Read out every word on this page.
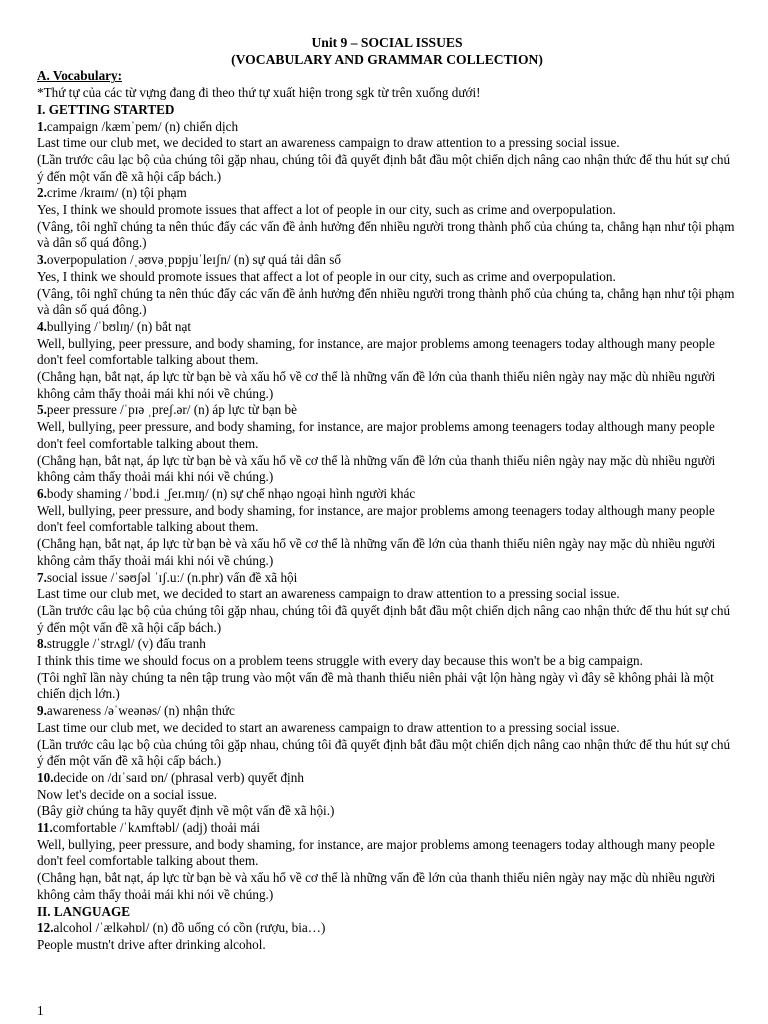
Unit 9 – SOCIAL ISSUES
(VOCABULARY AND GRAMMAR COLLECTION)
A. Vocabulary:
*Thứ tự của các từ vựng đang đi theo thứ tự xuất hiện trong sgk từ trên xuống dưới!
I. GETTING STARTED
1.campaign /kæmˈpem/ (n) chiến dịch
Last time our club met, we decided to start an awareness campaign to draw attention to a pressing social issue.
(Lần trước câu lạc bộ của chúng tôi gặp nhau, chúng tôi đã quyết định bắt đầu một chiến dịch nâng cao nhận thức để thu hút sự chú ý đến một vấn đề xã hội cấp bách.)
2.crime /kraɪm/ (n) tội phạm
Yes, I think we should promote issues that affect a lot of people in our city, such as crime and overpopulation.
(Vâng, tôi nghĩ chúng ta nên thúc đẩy các vấn đề ảnh hưởng đến nhiều người trong thành phố của chúng ta, chẳng hạn như tội phạm và dân số quá đông.)
3.overpopulation /ˌəʊvəˌpɒpjuˈleɪʃn/ (n) sự quá tải dân số
Yes, I think we should promote issues that affect a lot of people in our city, such as crime and overpopulation.
(Vâng, tôi nghĩ chúng ta nên thúc đẩy các vấn đề ảnh hưởng đến nhiều người trong thành phố của chúng ta, chẳng hạn như tội phạm và dân số quá đông.)
4.bullying /ˈbʊlɪŋ/ (n) bắt nạt
Well, bullying, peer pressure, and body shaming, for instance, are major problems among teenagers today although many people don't feel comfortable talking about them.
(Chẳng hạn, bắt nạt, áp lực từ bạn bè và xấu hổ về cơ thể là những vấn đề lớn của thanh thiếu niên ngày nay mặc dù nhiều người không cảm thấy thoải mái khi nói về chúng.)
5.peer pressure /ˈpɪə ˌpreʃ.ər/ (n) áp lực từ bạn bè
Well, bullying, peer pressure, and body shaming, for instance, are major problems among teenagers today although many people don't feel comfortable talking about them.
(Chẳng hạn, bắt nạt, áp lực từ bạn bè và xấu hổ về cơ thể là những vấn đề lớn của thanh thiếu niên ngày nay mặc dù nhiều người không cảm thấy thoải mái khi nói về chúng.)
6.body shaming /ˈbɒd.i ˌʃeɪ.mɪŋ/ (n) sự chế nhạo ngoại hình người khác
Well, bullying, peer pressure, and body shaming, for instance, are major problems among teenagers today although many people don't feel comfortable talking about them.
(Chẳng hạn, bắt nạt, áp lực từ bạn bè và xấu hổ về cơ thể là những vấn đề lớn của thanh thiếu niên ngày nay mặc dù nhiều người không cảm thấy thoải mái khi nói về chúng.)
7.social issue /ˈsəʊʃəl ˈɪʃ.uː/ (n.phr) vấn đề xã hội
Last time our club met, we decided to start an awareness campaign to draw attention to a pressing social issue.
(Lần trước câu lạc bộ của chúng tôi gặp nhau, chúng tôi đã quyết định bắt đầu một chiến dịch nâng cao nhận thức để thu hút sự chú ý đến một vấn đề xã hội cấp bách.)
8.struggle /ˈstrʌgl/ (v) đấu tranh
I think this time we should focus on a problem teens struggle with every day because this won't be a big campaign.
(Tôi nghĩ lần này chúng ta nên tập trung vào một vấn đề mà thanh thiếu niên phải vật lộn hàng ngày vì đây sẽ không phải là một chiến dịch lớn.)
9.awareness /əˈweənəs/ (n) nhận thức
Last time our club met, we decided to start an awareness campaign to draw attention to a pressing social issue.
(Lần trước câu lạc bộ của chúng tôi gặp nhau, chúng tôi đã quyết định bắt đầu một chiến dịch nâng cao nhận thức để thu hút sự chú ý đến một vấn đề xã hội cấp bách.)
10.decide on /dɪˈsaɪd ɒn/ (phrasal verb) quyết định
Now let's decide on a social issue.
(Bây giờ chúng ta hãy quyết định về một vấn đề xã hội.)
11.comfortable /ˈkʌmftəbl/ (adj) thoải mái
Well, bullying, peer pressure, and body shaming, for instance, are major problems among teenagers today although many people don't feel comfortable talking about them.
(Chẳng hạn, bắt nạt, áp lực từ bạn bè và xấu hổ về cơ thể là những vấn đề lớn của thanh thiếu niên ngày nay mặc dù nhiều người không cảm thấy thoải mái khi nói về chúng.)
II. LANGUAGE
12.alcohol /ˈælkəhɒl/ (n) đồ uống có cồn (rượu, bia…)
People mustn't drive after drinking alcohol.
1
